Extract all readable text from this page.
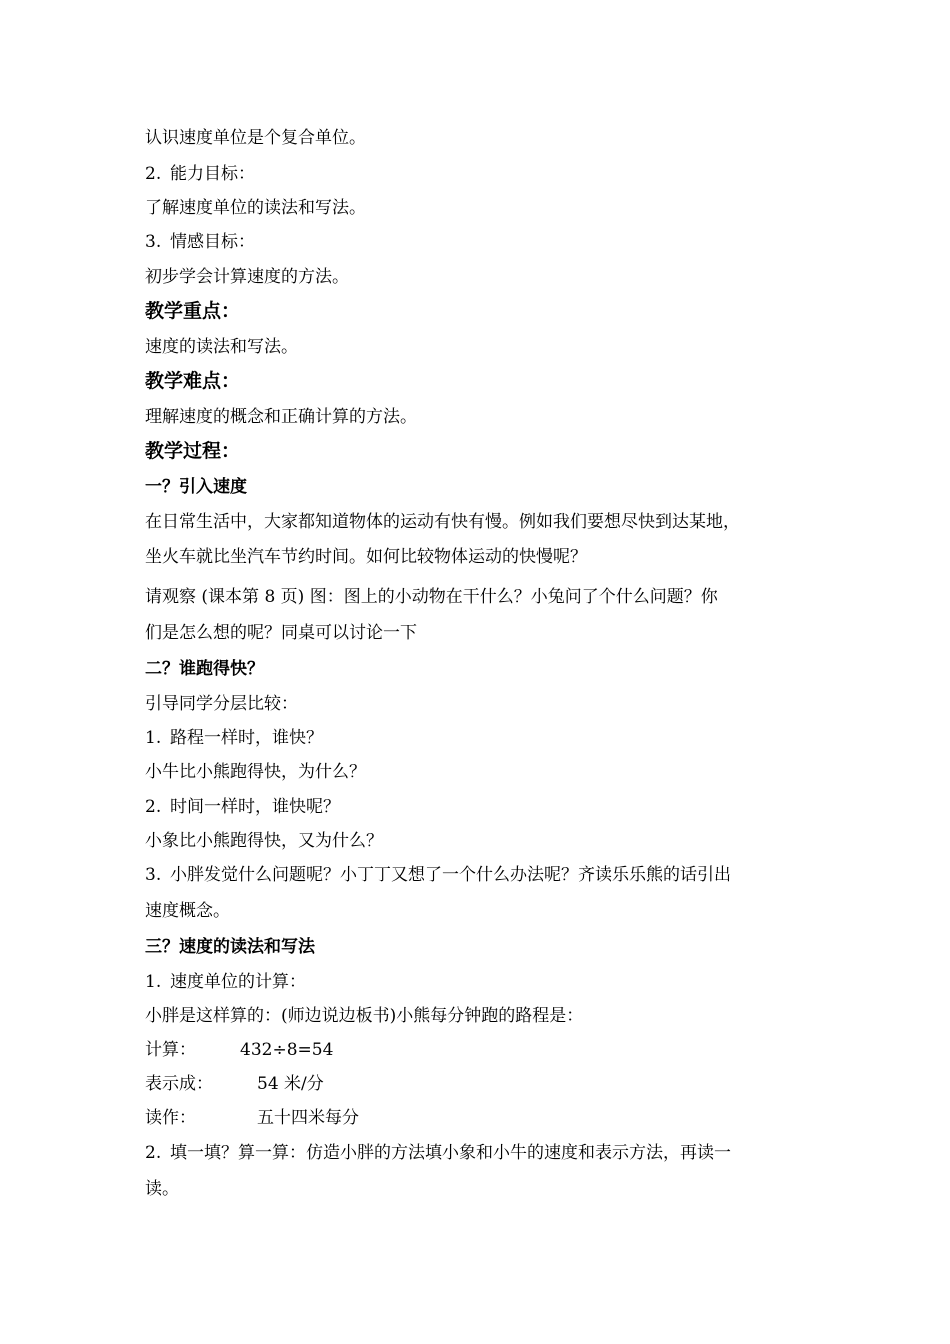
认识速度单位是个复合单位。
2. 能力目标：
了解速度单位的读法和写法。
3. 情感目标：
初步学会计算速度的方法。
教学重点：
速度的读法和写法。
教学难点：
理解速度的概念和正确计算的方法。
教学过程：
一？引入速度
在日常生活中，大家都知道物体的运动有快有慢。例如我们要想尽快到达某地，
坐火车就比坐汽车节约时间。如何比较物体运动的快慢呢？
请观察 (课本第 8 页) 图：图上的小动物在干什么？小兔问了个什么问题？你
们是怎么想的呢？同桌可以讨论一下
二？谁跑得快？
引导同学分层比较：
1. 路程一样时，谁快？
小牛比小熊跑得快，为什么？
2. 时间一样时，谁快呢？
小象比小熊跑得快，又为什么？
3. 小胖发觉什么问题呢？小丁丁又想了一个什么办法呢？齐读乐乐熊的话引出
速度概念。
三？速度的读法和写法
1. 速度单位的计算：
小胖是这样算的：(师边说边板书)小熊每分钟跑的路程是：
计算：	432÷8=54
表示成：	54 米/分
读作：	五十四米每分
2. 填一填？算一算：仿造小胖的方法填小象和小牛的速度和表示方法，再读一
读。
